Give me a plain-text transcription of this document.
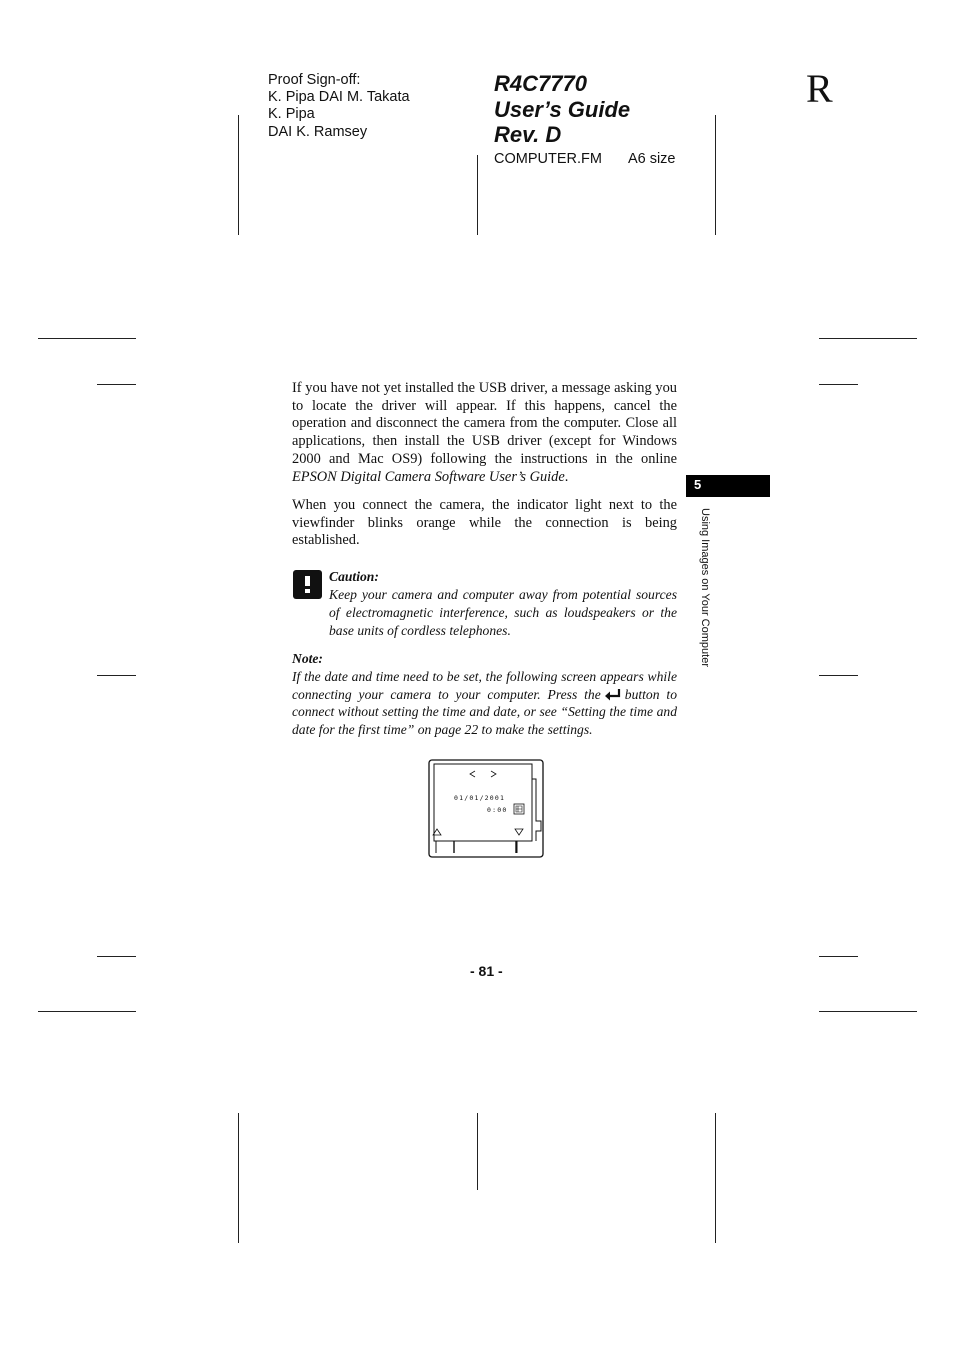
Proof Sign-off:
K. Pipa DAI M. Takata
K. Pipa
DAI K. Ramsey
R4C7770
User’s Guide
Rev. D
COMPUTER.FM A6 size
R
5
Using Images on Your Computer

If you have not yet installed the USB driver, a message asking you to locate the driver will appear. If this happens, cancel the operation and disconnect the camera from the computer. Close all applications, then install the USB driver (except for Windows 2000 and Mac OS9) following the instructions in the online EPSON Digital Camera Software User’s Guide.

When you connect the camera, the indicator light next to the viewfinder blinks orange while the connection is being established.

Caution:

Keep your camera and computer away from potential sources of electromagnetic interference, such as loudspeakers or the base units of cordless telephones.

Note:

If the date and time need to be set, the following screen appears while connecting your camera to your computer. Press the button to connect without setting the time and date, or see “Setting the time and date for the first time” on page 22 to make the settings.

01/01/2001
0:00
- 81 -
